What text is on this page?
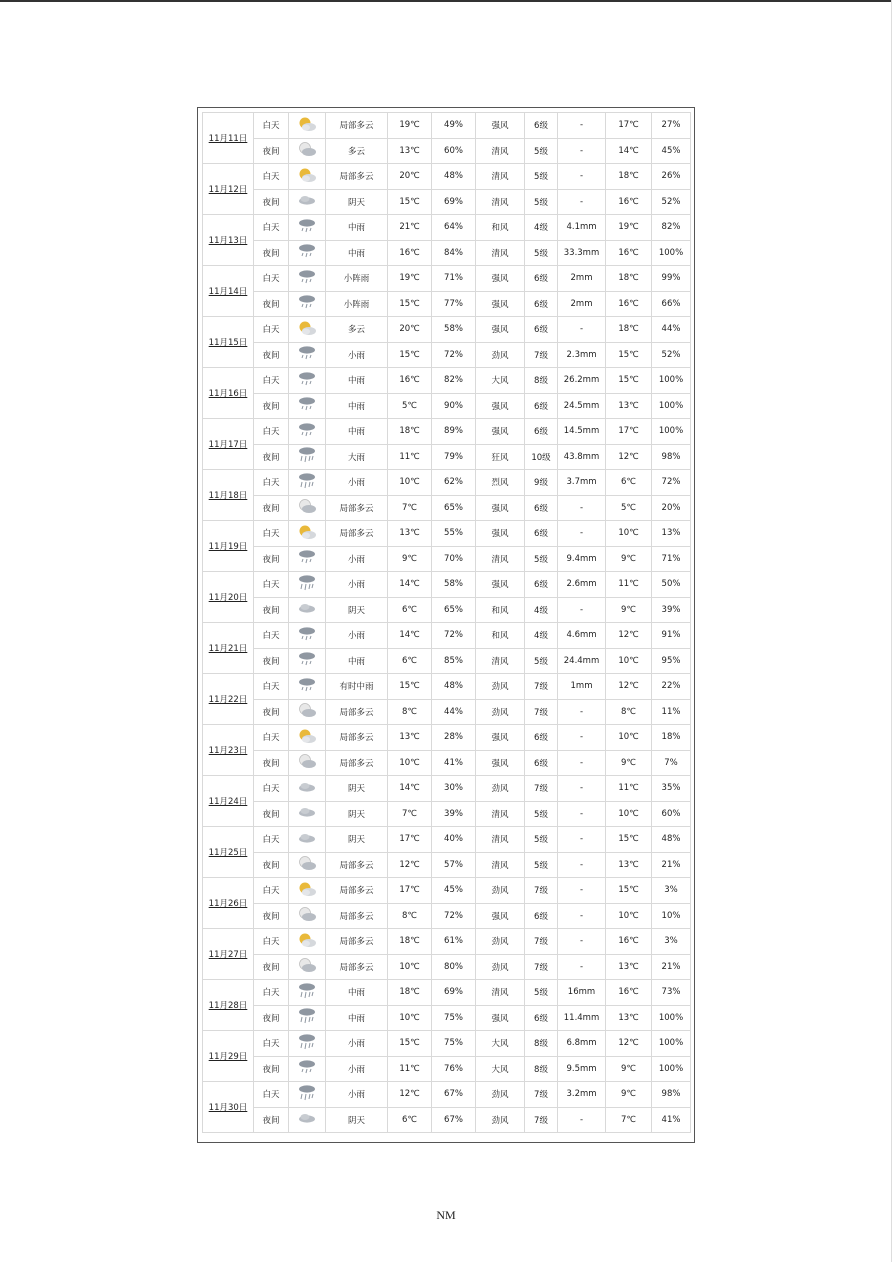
11月11日	白天		局部多云	19℃	49%	强风	6级	-	17℃	27%
	夜间		多云	13℃	60%	清风	5级	-	14℃	45%
11月12日	白天		局部多云	20℃	48%	清风	5级	-	18℃	26%
	夜间		阴天	15℃	69%	清风	5级	-	16℃	52%
11月13日	白天		中雨	21℃	64%	和风	4级	4.1mm	19℃	82%
	夜间		中雨	16℃	84%	清风	5级	33.3mm	16℃	100%
11月14日	白天		小阵雨	19℃	71%	强风	6级	2mm	18℃	99%
	夜间		小阵雨	15℃	77%	强风	6级	2mm	16℃	66%
11月15日	白天		多云	20℃	58%	强风	6级	-	18℃	44%
	夜间		小雨	15℃	72%	劲风	7级	2.3mm	15℃	52%
11月16日	白天		中雨	16℃	82%	大风	8级	26.2mm	15℃	100%
	夜间		中雨	5℃	90%	强风	6级	24.5mm	13℃	100%
11月17日	白天		中雨	18℃	89%	强风	6级	14.5mm	17℃	100%
	夜间		大雨	11℃	79%	狂风	10级	43.8mm	12℃	98%
11月18日	白天		小雨	10℃	62%	烈风	9级	3.7mm	6℃	72%
	夜间		局部多云	7℃	65%	强风	6级	-	5℃	20%
11月19日	白天		局部多云	13℃	55%	强风	6级	-	10℃	13%
	夜间		小雨	9℃	70%	清风	5级	9.4mm	9℃	71%
11月20日	白天		小雨	14℃	58%	强风	6级	2.6mm	11℃	50%
	夜间		阴天	6℃	65%	和风	4级	-	9℃	39%
11月21日	白天		小雨	14℃	72%	和风	4级	4.6mm	12℃	91%
	夜间		中雨	6℃	85%	清风	5级	24.4mm	10℃	95%
11月22日	白天		有时中雨	15℃	48%	劲风	7级	1mm	12℃	22%
	夜间		局部多云	8℃	44%	劲风	7级	-	8℃	11%
11月23日	白天		局部多云	13℃	28%	强风	6级	-	10℃	18%
	夜间		局部多云	10℃	41%	强风	6级	-	9℃	7%
11月24日	白天		阴天	14℃	30%	劲风	7级	-	11℃	35%
	夜间		阴天	7℃	39%	清风	5级	-	10℃	60%
11月25日	白天		阴天	17℃	40%	清风	5级	-	15℃	48%
	夜间		局部多云	12℃	57%	清风	5级	-	13℃	21%
11月26日	白天		局部多云	17℃	45%	劲风	7级	-	15℃	3%
	夜间		局部多云	8℃	72%	强风	6级	-	10℃	10%
11月27日	白天		局部多云	18℃	61%	劲风	7级	-	16℃	3%
	夜间		局部多云	10℃	80%	劲风	7级	-	13℃	21%
11月28日	白天		中雨	18℃	69%	清风	5级	16mm	16℃	73%
	夜间		中雨	10℃	75%	强风	6级	11.4mm	13℃	100%
11月29日	白天		小雨	15℃	75%	大风	8级	6.8mm	12℃	100%
	夜间		小雨	11℃	76%	大风	8级	9.5mm	9℃	100%
11月30日	白天		小雨	12℃	67%	劲风	7级	3.2mm	9℃	98%
	夜间		阴天	6℃	67%	劲风	7级	-	7℃	41%
NM
